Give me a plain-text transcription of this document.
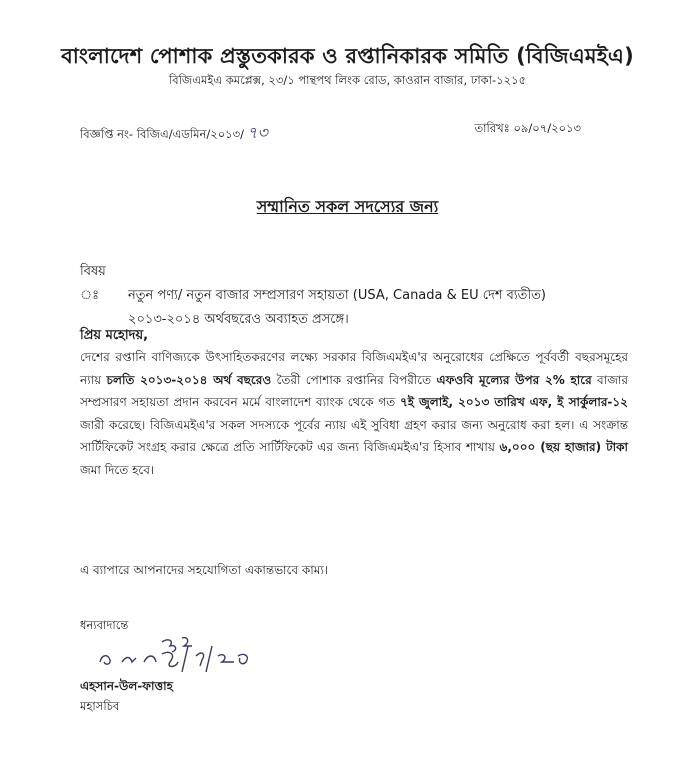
বাংলাদেশ পোশাক প্রস্তুতকারক ও রপ্তানিকারক সমিতি (বিজিএমইএ)
বিজিএমইএ কমপ্লেক্স, ২৩/১ পান্থপথ লিংক রোড, কাওরান বাজার, ঢাকা-১২১৫
বিজ্ঞপ্তি নং- বিজিএ/এডমিন/২০১৩/ ৭৩	তারিখঃ ০৯/০৭/২০১৩
সম্মানিত সকল সদস্যের জন্য
বিষয় ঃ নতুন পণ্য/ নতুন বাজার সম্প্রসারণ সহায়তা (USA, Canada & EU দেশ ব্যতীত)
২০১৩-২০১৪ অর্থবছরেও অব্যাহত প্রসঙ্গে।
প্রিয় মহোদয়,
দেশের রপ্তানি বাণিজ্যকে উৎসাহিতকরণের লক্ষ্যে সরকার বিজিএমইএ'র অনুরোধের প্রেক্ষিতে পূর্ববর্তী বছরসমূহের ন্যায় চলতি ২০১৩-২০১৪ অর্থ বছরেও তৈরী পোশাক রপ্তানির বিপরীতে এফওবি মূল্যের উপর ২% হারে বাজার সম্প্রসারণ সহায়তা প্রদান করবেন মর্মে বাংলাদেশ ব্যাংক থেকে গত ৭ই জুলাই, ২০১৩ তারিখ এফ, ই সার্কুলার-১২ জারী করেছে। বিজিএমইএ'র সকল সদস্যকে পূর্বের ন্যায় এই সুবিধা গ্রহণ করার জন্য অনুরোধ করা হল। এ সংক্রান্ত সার্টিফিকেট সংগ্রহ করার ক্ষেত্রে প্রতি সার্টিফিকেট এর জন্য বিজিএমইএ'র হিসাব শাখায় ৬,০০০ (ছয় হাজার) টাকা জমা দিতে হবে।
এ ব্যাপারে আপনাদের সহযোগিতা একান্তভাবে কাম্য।
ধন্যবাদান্তে
এহসান-উল-ফাত্তাহ
মহাসচিব
